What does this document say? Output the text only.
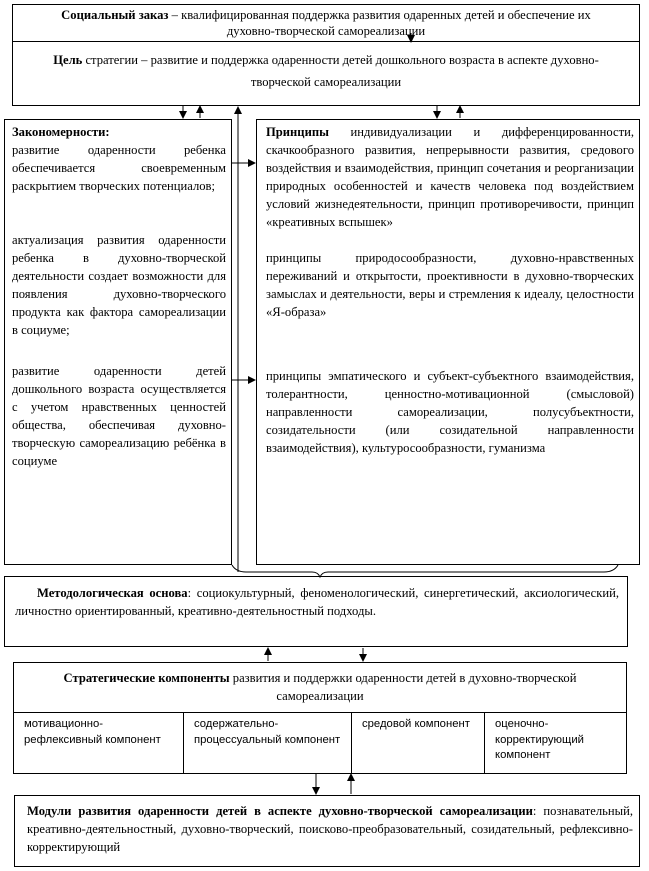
Социальный заказ – квалифицированная поддержка развития одаренных детей и обеспечение их духовно-творческой самореализации
Цель стратегии – развитие и поддержка одаренности детей дошкольного возраста в аспекте духовно-творческой самореализации
Закономерности:
развитие одаренности ребенка обеспечивается своевременным раскрытием творческих потенциалов;
актуализация развития одаренности ребенка в духовно-творческой деятельности создает возможности для появления духовно-творческого продукта как фактора самореализации в социуме;
развитие одаренности детей дошкольного возраста осуществляется с учетом нравственных ценностей общества, обеспечивая духовно-творческую самореализацию ребёнка в социуме
Принципы индивидуализации и дифференцированности, скачкообразного развития, непрерывности развития, средового воздействия и взаимодействия, принцип сочетания и реорганизации природных особенностей и качеств человека под воздействием условий жизнедеятельности, принцип противоречивости, принцип «креативных вспышек»
принципы природосообразности, духовно-нравственных переживаний и открытости, проективности в духовно-творческих замыслах и деятельности, веры и стремления к идеалу, целостности «Я-образа»
принципы эмпатического и субъект-субъектного взаимодействия, толерантности, ценностно-мотивационной (смысловой) направленности самореализации, полусубъектности, созидательности (или созидательной направленности взаимодействия), культуросообразности, гуманизма
Методологическая основа: социокультурный, феноменологический, синергетический, аксиологический, личностно ориентированный, креативно-деятельностный подходы.
Стратегические компоненты развития и поддержки одаренности детей в духовно-творческой самореализации
мотивационно-рефлексивный компонент
содержательно-процессуальный компонент
средовой компонент	оценочно-корректирующий компонент
Модули развития одаренности детей в аспекте духовно-творческой самореализации: познавательный, креативно-деятельностный, духовно-творческий, поисково-преобразовательный, созидательный, рефлексивно-корректирующий
